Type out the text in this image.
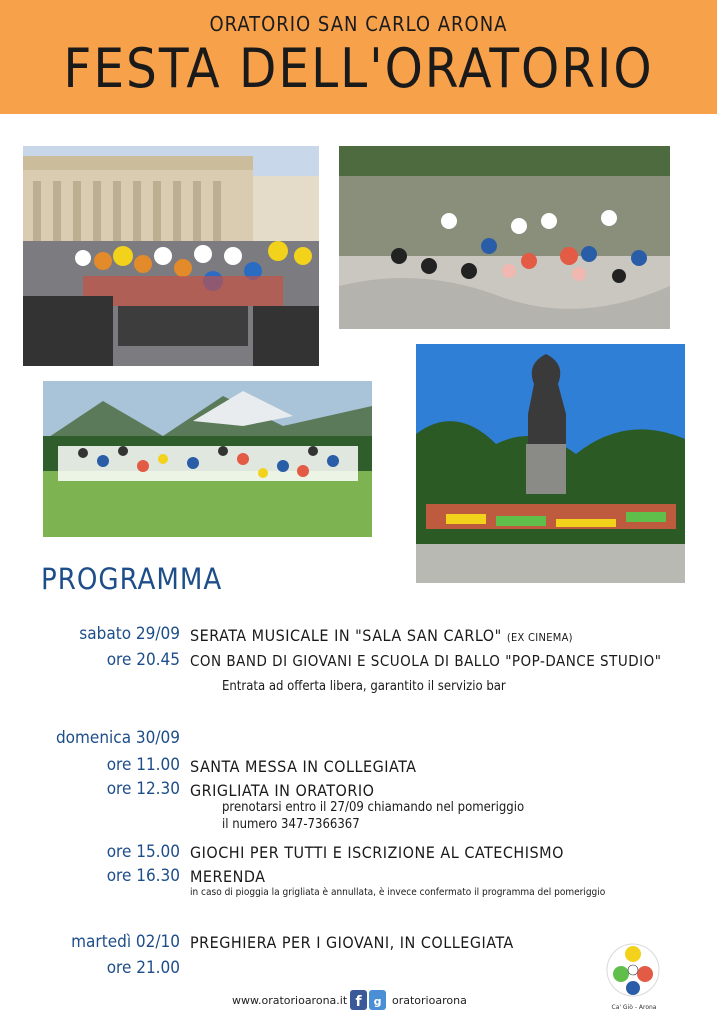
ORATORIO SAN CARLO ARONA
FESTA DELL'ORATORIO
PROGRAMMA
sabato 29/09
ore 20.45
SERATA MUSICALE IN "SALA SAN CARLO" (EX CINEMA)
CON BAND DI GIOVANI E SCUOLA DI BALLO "POP-DANCE STUDIO"
Entrata ad offerta libera, garantito il servizio bar
domenica 30/09
ore 11.00 SANTA MESSA IN COLLEGIATA
ore 12.30 GRIGLIATA IN ORATORIO
prenotarsi entro il 27/09 chiamando nel pomeriggio
il numero 347-7366367
ore 15.00 GIOCHI PER TUTTI E ISCRIZIONE AL CATECHISMO
ore 16.30 MERENDA
in caso di pioggia la grigliata è annullata, è invece confermato il programma del pomeriggio
martedì 02/10 PREGHIERA PER I GIOVANI, IN COLLEGIATA
ore 21.00
www.oratorioarona.it f g oratorioarona
Ca' Giò - Arona
